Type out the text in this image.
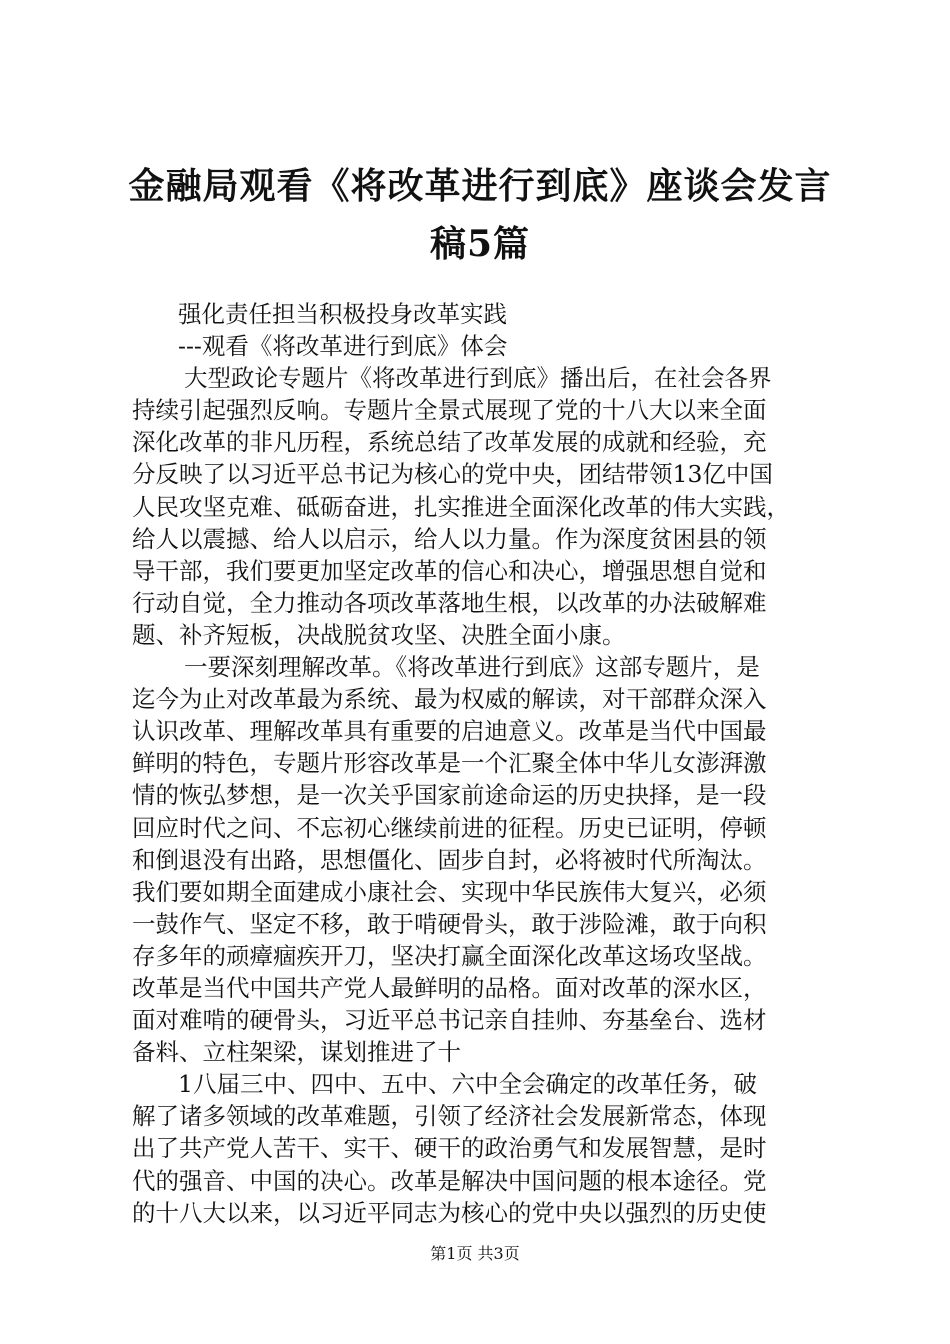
金融局观看《将改革进行到底》座谈会发言稿5篇

强化责任担当积极投身改革实践

---观看《将改革进行到底》体会

大型政论专题片《将改革进行到底》播出后，在社会各界

持续引起强烈反响。专题片全景式展现了党的十八大以来全面

深化改革的非凡历程，系统总结了改革发展的成就和经验，充

分反映了以习近平总书记为核心的党中央，团结带领13亿中国

人民攻坚克难、砥砺奋进，扎实推进全面深化改革的伟大实践，

给人以震撼、给人以启示，给人以力量。作为深度贫困县的领

导干部，我们要更加坚定改革的信心和决心，增强思想自觉和

行动自觉，全力推动各项改革落地生根，以改革的办法破解难

题、补齐短板，决战脱贫攻坚、决胜全面小康。

一要深刻理解改革。《将改革进行到底》这部专题片，是

迄今为止对改革最为系统、最为权威的解读，对干部群众深入

认识改革、理解改革具有重要的启迪意义。改革是当代中国最

鲜明的特色，专题片形容改革是一个汇聚全体中华儿女澎湃激

情的恢弘梦想，是一次关乎国家前途命运的历史抉择，是一段

回应时代之问、不忘初心继续前进的征程。历史已证明，停顿

和倒退没有出路，思想僵化、固步自封，必将被时代所淘汰。

我们要如期全面建成小康社会、实现中华民族伟大复兴，必须

一鼓作气、坚定不移，敢于啃硬骨头，敢于涉险滩，敢于向积

存多年的顽瘴痼疾开刀，坚决打赢全面深化改革这场攻坚战。

改革是当代中国共产党人最鲜明的品格。面对改革的深水区，

面对难啃的硬骨头，习近平总书记亲自挂帅、夯基垒台、选材

备料、立柱架梁，谋划推进了十

1八届三中、四中、五中、六中全会确定的改革任务，破

解了诸多领域的改革难题，引领了经济社会发展新常态，体现

出了共产党人苦干、实干、硬干的政治勇气和发展智慧，是时

代的强音、中国的决心。改革是解决中国问题的根本途径。党

的十八大以来，以习近平同志为核心的党中央以强烈的历史使

第1页 共3页
